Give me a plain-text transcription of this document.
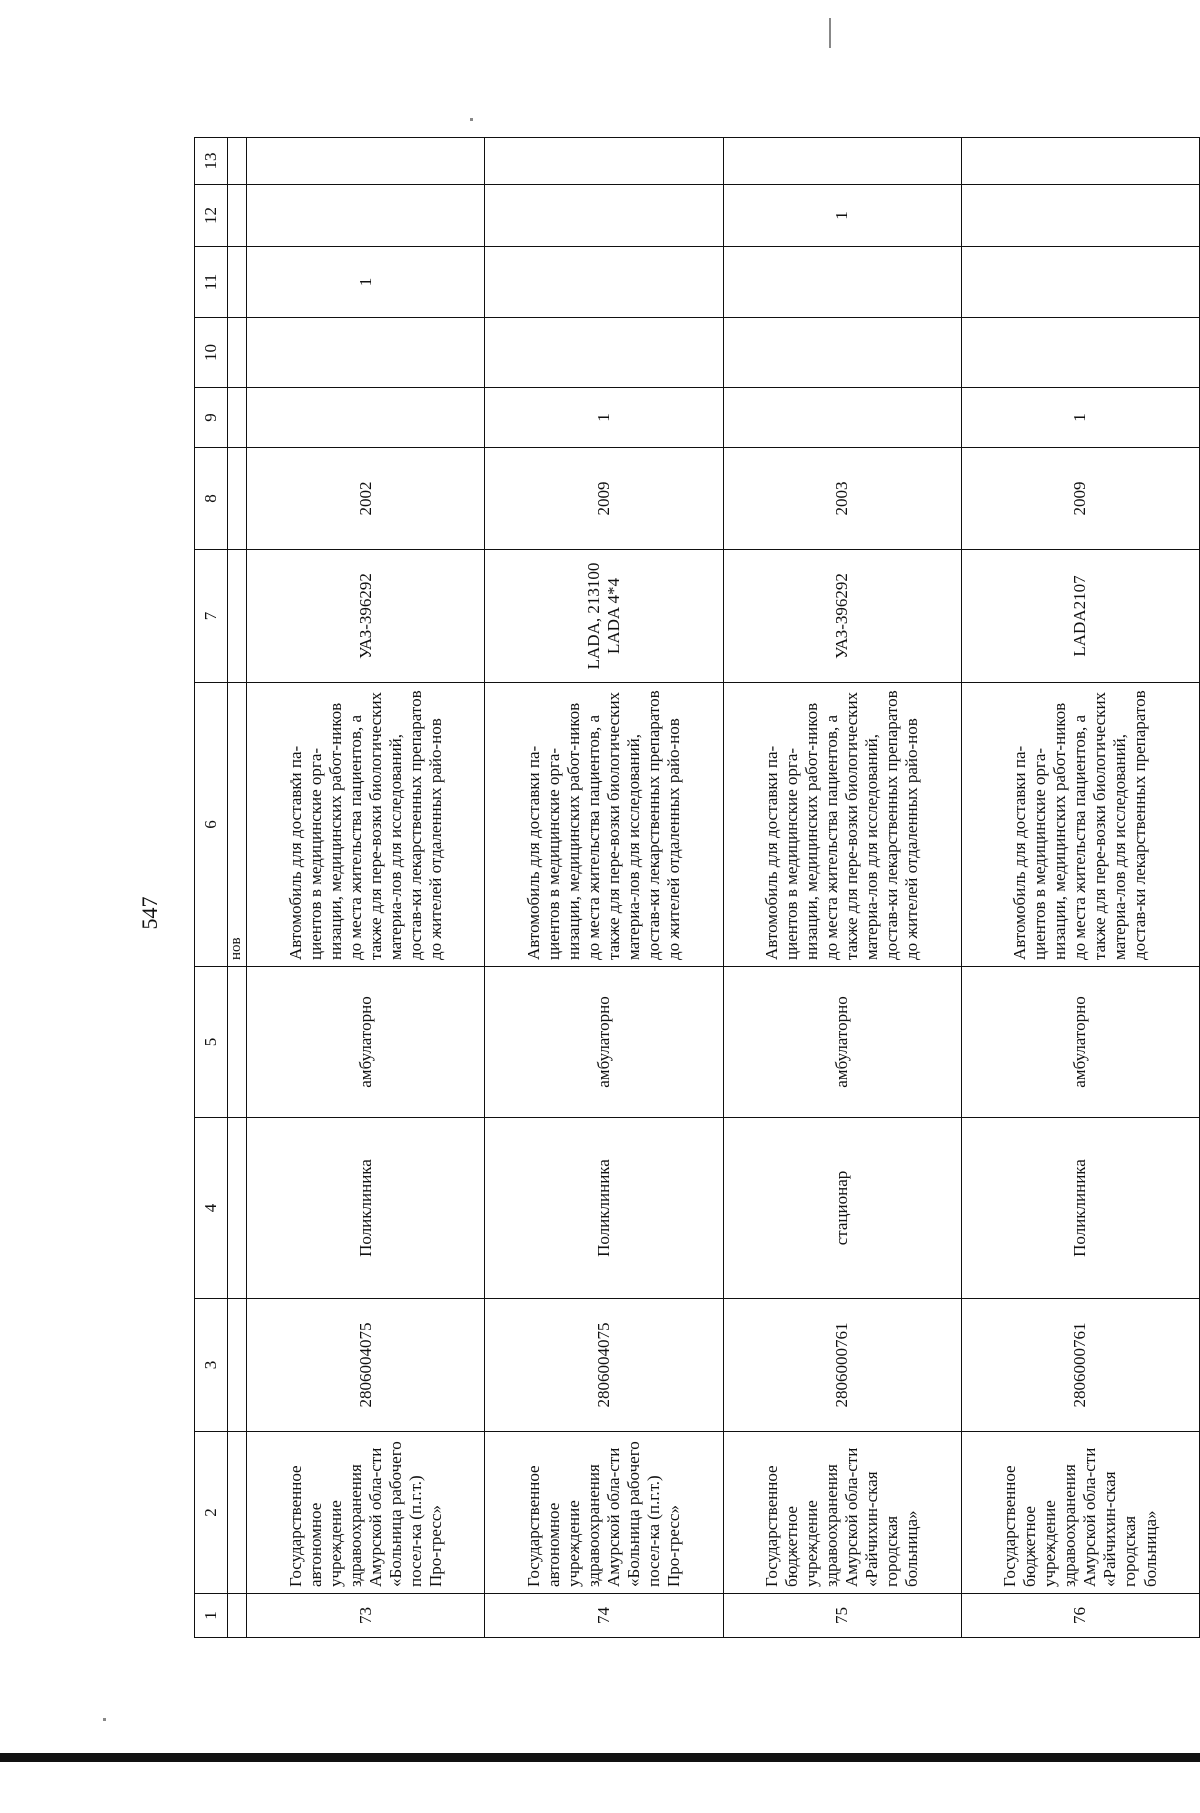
547
1	2	3	4	5	6	7	8	9	10	11	12	13
					нов							
73	Государственное автономное учреждение здравоохранения Амурской обла-сти «Больница рабочего посел-ка (п.г.т.) Про-гресс»	2806004075	Поликлиника	амбулаторно	Автомобиль для доставки па-циентов в медицинские орга-низации, медицинских работ-ников до места жительства пациентов, а также для пере-возки биологических материа-лов для исследований, достав-ки лекарственных препаратов до жителей отдаленных райо-нов	УАЗ-396292	2002			1		
74	Государственное автономное учреждение здравоохранения Амурской обла-сти «Больница рабочего посел-ка (п.г.т.) Про-гресс»	2806004075	Поликлиника	амбулаторно	Автомобиль для доставки па-циентов в медицинские орга-низации, медицинских работ-ников до места жительства пациентов, а также для пере-возки биологических материа-лов для исследований, достав-ки лекарственных препаратов до жителей отдаленных райо-нов	LADA, 213100 LADA 4*4	2009	1				
75	Государственное бюджетное учреждение здравоохранения Амурской обла-сти «Райчихин-ская городская больница»	2806000761	стационар	амбулаторно	Автомобиль для доставки па-циентов в медицинские орга-низации, медицинских работ-ников до места жительства пациентов, а также для пере-возки биологических материа-лов для исследований, достав-ки лекарственных препаратов до жителей отдаленных райо-нов	УАЗ-396292	2003				1	
76	Государственное бюджетное учреждение здравоохранения Амурской обла-сти «Райчихин-ская городская больница»	2806000761	Поликлиника	амбулаторно	Автомобиль для доставки па-циентов в медицинские орга-низации, медицинских работ-ников до места жительства пациентов, а также для пере-возки биологических материа-лов для исследований, достав-ки лекарственных препаратов	LADA2107	2009	1				
